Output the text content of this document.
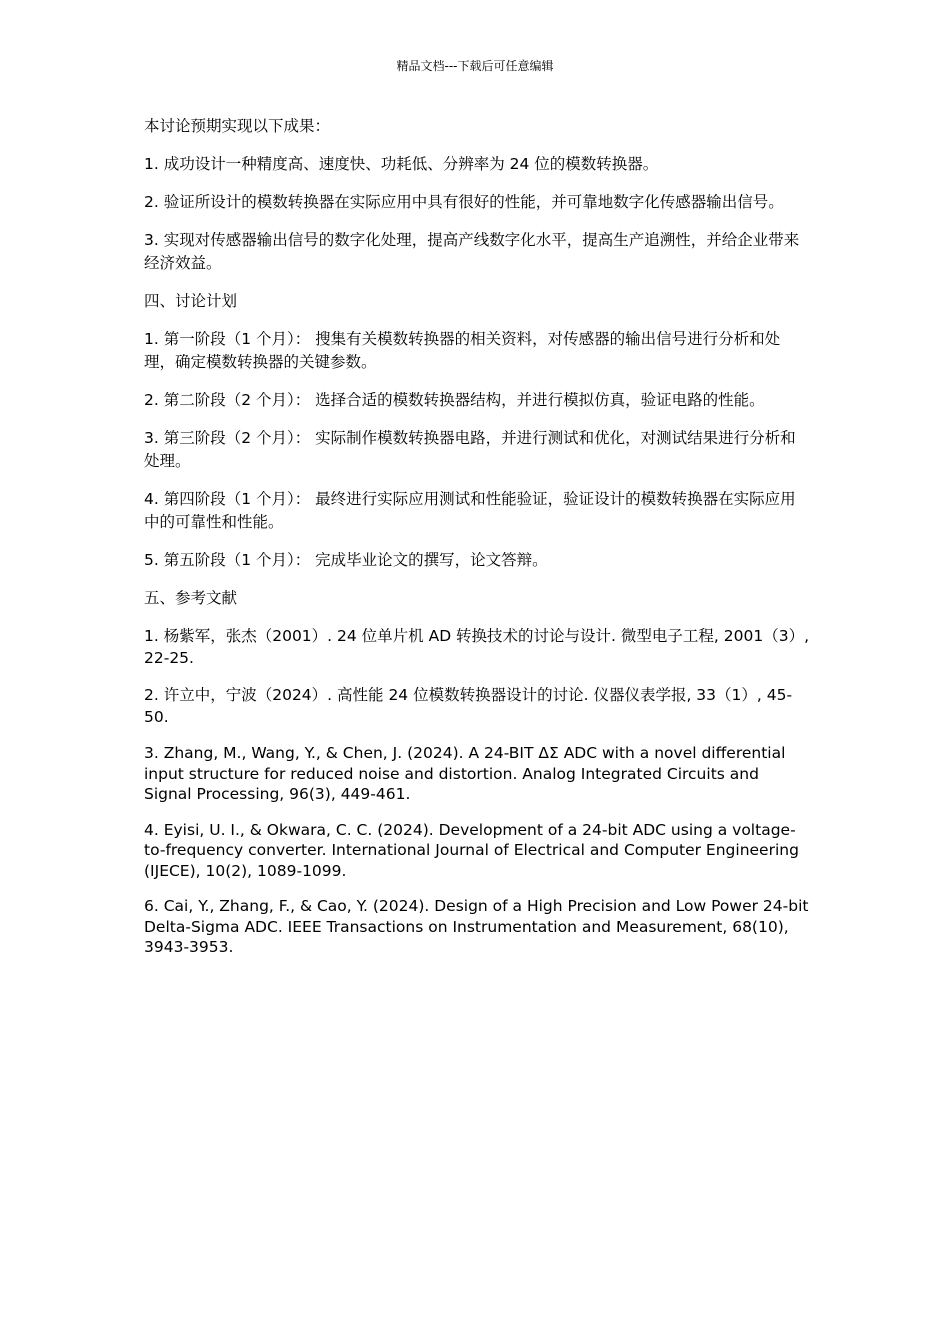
精品文档---下载后可任意编辑

本讨论预期实现以下成果：

1. 成功设计一种精度高、速度快、功耗低、分辨率为 24 位的模数转换器。

2. 验证所设计的模数转换器在实际应用中具有很好的性能，并可靠地数字化传感器输出信号。

3. 实现对传感器输出信号的数字化处理，提高产线数字化水平，提高生产追溯性，并给企业带来经济效益。

四、讨论计划

1. 第一阶段（1 个月）： 搜集有关模数转换器的相关资料，对传感器的输出信号进行分析和处理，确定模数转换器的关键参数。

2. 第二阶段（2 个月）： 选择合适的模数转换器结构，并进行模拟仿真，验证电路的性能。

3. 第三阶段（2 个月）： 实际制作模数转换器电路，并进行测试和优化，对测试结果进行分析和处理。

4. 第四阶段（1 个月）： 最终进行实际应用测试和性能验证，验证设计的模数转换器在实际应用中的可靠性和性能。

5. 第五阶段（1 个月）： 完成毕业论文的撰写，论文答辩。

五、参考文献

1. 杨紫军，张杰（2001）. 24 位单片机 AD 转换技术的讨论与设计. 微型电子工程, 2001（3）, 22-25.

2. 许立中，宁波（2024）. 高性能 24 位模数转换器设计的讨论. 仪器仪表学报, 33（1）, 45-50.

3. Zhang, M., Wang, Y., & Chen, J. (2024). A 24-BIT ΔΣ ADC with a novel differential input structure for reduced noise and distortion. Analog Integrated Circuits and Signal Processing, 96(3), 449-461.

4. Eyisi, U. I., & Okwara, C. C. (2024). Development of a 24-bit ADC using a voltage-to-frequency converter. International Journal of Electrical and Computer Engineering (IJECE), 10(2), 1089-1099.

6. Cai, Y., Zhang, F., & Cao, Y. (2024). Design of a High Precision and Low Power 24-bit Delta-Sigma ADC. IEEE Transactions on Instrumentation and Measurement, 68(10), 3943-3953.
